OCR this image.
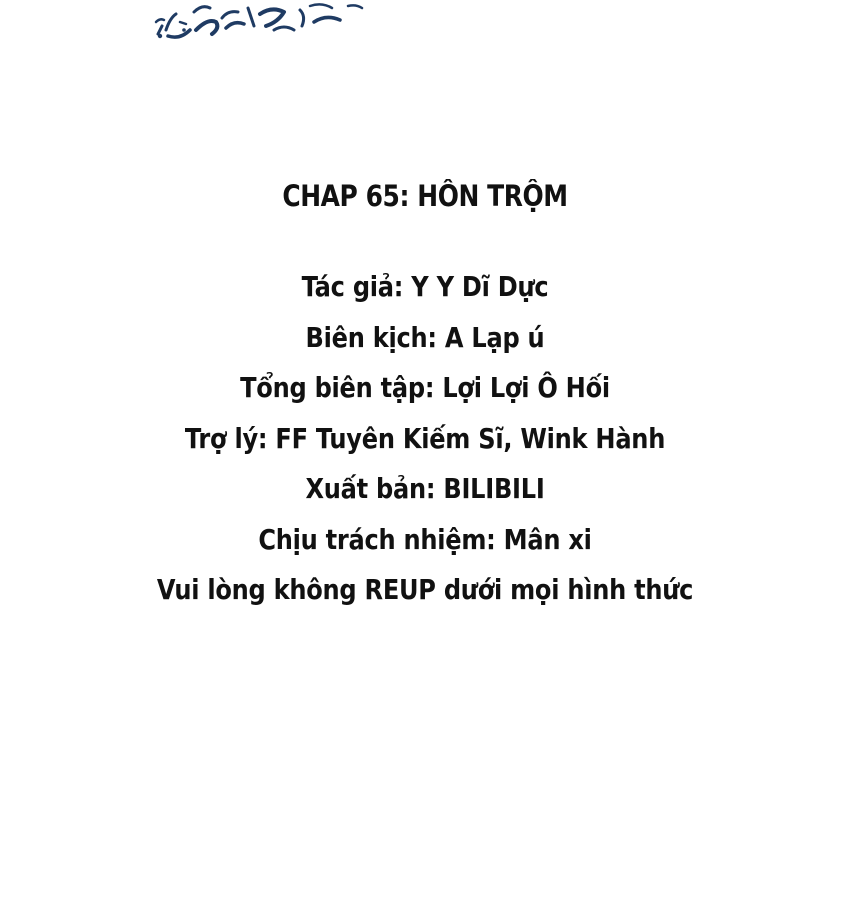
CHAP 65: HÔN TRỘM
Tác giả: Y Y Dĩ Dực
Biên kịch: A Lạp ú
Tổng biên tập: Lợi Lợi Ô Hối
Trợ lý: FF Tuyên Kiếm Sĩ, Wink Hành
Xuất bản: BILIBILI
Chịu trách nhiệm: Mân xi
Vui lòng không REUP dưới mọi hình thức
